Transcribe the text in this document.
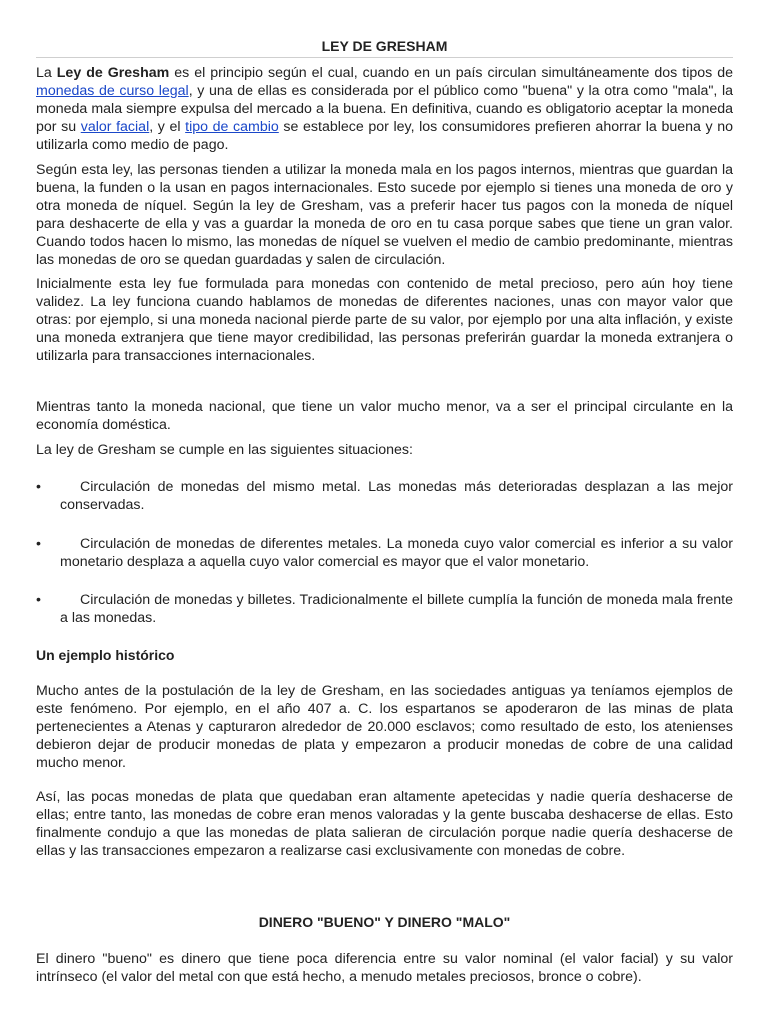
LEY DE GRESHAM

La Ley de Gresham es el principio según el cual, cuando en un país circulan simultáneamente dos tipos de monedas de curso legal, y una de ellas es considerada por el público como "buena" y la otra como "mala", la moneda mala siempre expulsa del mercado a la buena. En definitiva, cuando es obligatorio aceptar la moneda por su valor facial, y el tipo de cambio se establece por ley, los consumidores prefieren ahorrar la buena y no utilizarla como medio de pago.

Según esta ley, las personas tienden a utilizar la moneda mala en los pagos internos, mientras que guardan la buena, la funden o la usan en pagos internacionales. Esto sucede por ejemplo si tienes una moneda de oro y otra moneda de níquel. Según la ley de Gresham, vas a preferir hacer tus pagos con la moneda de níquel para deshacerte de ella y vas a guardar la moneda de oro en tu casa porque sabes que tiene un gran valor. Cuando todos hacen lo mismo, las monedas de níquel se vuelven el medio de cambio predominante, mientras las monedas de oro se quedan guardadas y salen de circulación.

Inicialmente esta ley fue formulada para monedas con contenido de metal precioso, pero aún hoy tiene validez. La ley funciona cuando hablamos de monedas de diferentes naciones, unas con mayor valor que otras: por ejemplo, si una moneda nacional pierde parte de su valor, por ejemplo por una alta inflación, y existe una moneda extranjera que tiene mayor credibilidad, las personas preferirán guardar la moneda extranjera o utilizarla para transacciones internacionales.

Mientras tanto la moneda nacional, que tiene un valor mucho menor, va a ser el principal circulante en la economía doméstica.

La ley de Gresham se cumple en las siguientes situaciones:

•	Circulación de monedas del mismo metal. Las monedas más deterioradas desplazan a las mejor conservadas.
•	Circulación de monedas de diferentes metales. La moneda cuyo valor comercial es inferior a su valor monetario desplaza a aquella cuyo valor comercial es mayor que el valor monetario.
•	Circulación de monedas y billetes. Tradicionalmente el billete cumplía la función de moneda mala frente a las monedas.

Un ejemplo histórico

Mucho antes de la postulación de la ley de Gresham, en las sociedades antiguas ya teníamos ejemplos de este fenómeno. Por ejemplo, en el año 407 a. C. los espartanos se apoderaron de las minas de plata pertenecientes a Atenas y capturaron alrededor de 20.000 esclavos; como resultado de esto, los atenienses debieron dejar de producir monedas de plata y empezaron a producir monedas de cobre de una calidad mucho menor.

Así, las pocas monedas de plata que quedaban eran altamente apetecidas y nadie quería deshacerse de ellas; entre tanto, las monedas de cobre eran menos valoradas y la gente buscaba deshacerse de ellas. Esto finalmente condujo a que las monedas de plata salieran de circulación porque nadie quería deshacerse de ellas y las transacciones empezaron a realizarse casi exclusivamente con monedas de cobre.

DINERO "BUENO" Y DINERO "MALO"

El dinero "bueno" es dinero que tiene poca diferencia entre su valor nominal (el valor facial) y su valor intrínseco (el valor del metal con que está hecho, a menudo metales preciosos, bronce o cobre).
